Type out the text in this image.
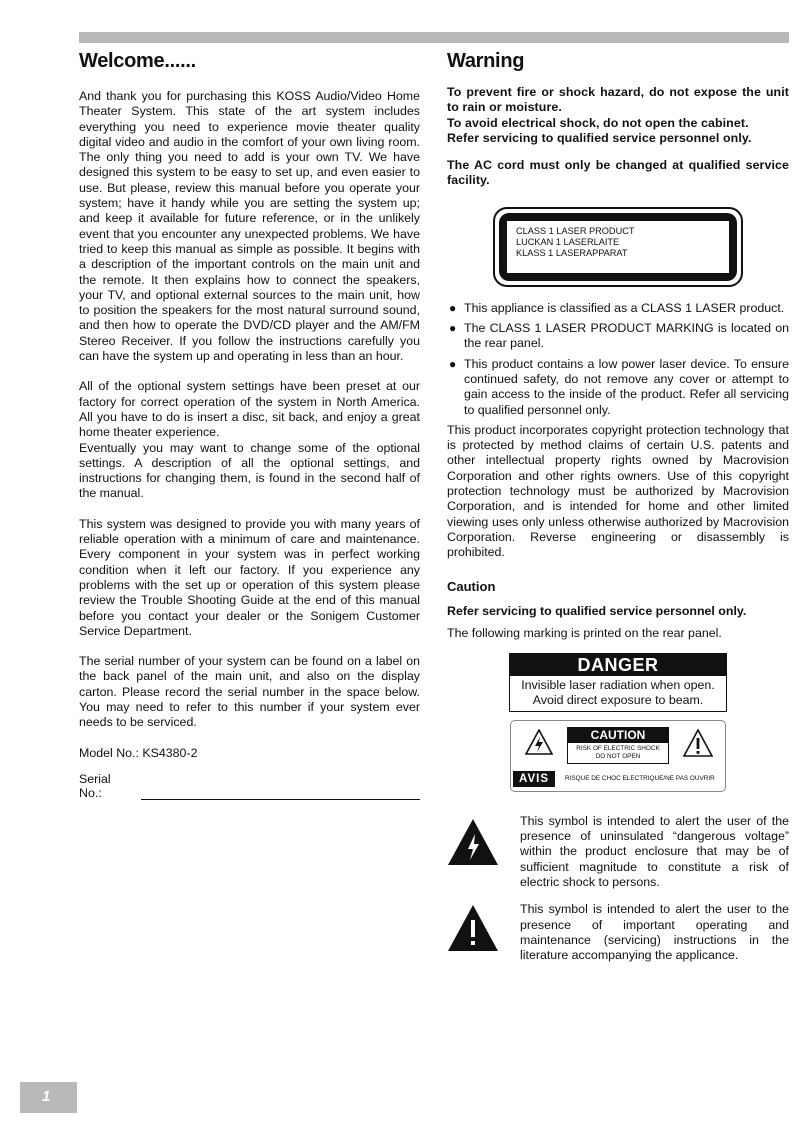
Welcome......

And thank you for purchasing this KOSS Audio/Video Home Theater System. This state of the art system includes everything you need to experience movie theater quality digital video and audio in the comfort of your own living room. The only thing you need to add is your own TV. We have designed this system to be easy to set up, and even easier to use. But please, review this manual before you operate your system; have it handy while you are setting the system up; and keep it available for future reference, or in the unlikely event that you encounter any unexpected problems. We have tried to keep this manual as simple as possible. It begins with a description of the important controls on the main unit and the remote. It then explains how to connect the speakers, your TV, and optional external sources to the main unit, how to position the speakers for the most natural surround sound, and then how to operate the DVD/CD player and the AM/FM Stereo Receiver. If you follow the instructions carefully you can have the system up and operating in less than an hour.

All of the optional system settings have been preset at our factory for correct operation of the system in North America. All you have to do is insert a disc, sit back, and enjoy a great home theater experience.

Eventually you may want to change some of the optional settings. A description of all the optional settings, and instructions for changing them, is found in the second half of the manual.

This system was designed to provide you with many years of reliable operation with a minimum of care and maintenance. Every component in your system was in perfect working condition when it left our factory. If you experience any problems with the set up or operation of this system please review the Trouble Shooting Guide at the end of this manual before you contact your dealer or the Sonigem Customer Service Department.

The serial number of your system can be found on a label on the back panel of the main unit, and also on the display carton. Please record the serial number in the space below. You may need to refer to this number if your system ever needs to be serviced.

Model No.: KS4380-2
Serial No.:
Warning

To prevent fire or shock hazard, do not expose the unit to rain or moisture.

To avoid electrical shock, do not open the cabinet.

Refer servicing to qualified service personnel only.

The AC cord must only be changed at qualified service facility.

CLASS 1 LASER PRODUCT
LUCKAN 1 LASERLAITE
KLASS 1 LASERAPPARAT
● This appliance is classified as a CLASS 1 LASER product.
● The CLASS 1 LASER PRODUCT MARKING is located on the rear panel.
● This product contains a low power laser device. To ensure continued safety, do not remove any cover or attempt to gain access to the inside of the product. Refer all servicing to qualified personnel only.

This product incorporates copyright protection technology that is protected by method claims of certain U.S. patents and other intellectual property rights owned by Macrovision Corporation and other rights owners. Use of this copyright protection technology must be authorized by Macrovision Corporation, and is intended for home and other limited viewing uses only unless otherwise authorized by Macrovision Corporation. Reverse engineering or disassembly is prohibited.

Caution
Refer servicing to qualified service personnel only.

The following marking is printed on the rear panel.

DANGER
Invisible laser radiation when open.
Avoid direct exposure to beam.
CAUTION
RISK OF ELECTRIC SHOCK
DO NOT OPEN
AVIS	RISQUE DE CHOC ELECTRIQUE/NE PAS OUVRIR

This symbol is intended to alert the user of the presence of uninsulated “dangerous voltage” within the product enclosure that may be of sufficient magnitude to constitute a risk of electric shock to persons.

This symbol is intended to alert the user to the presence of important operating and maintenance (servicing) instructions in the literature accompanying the applicance.

1
